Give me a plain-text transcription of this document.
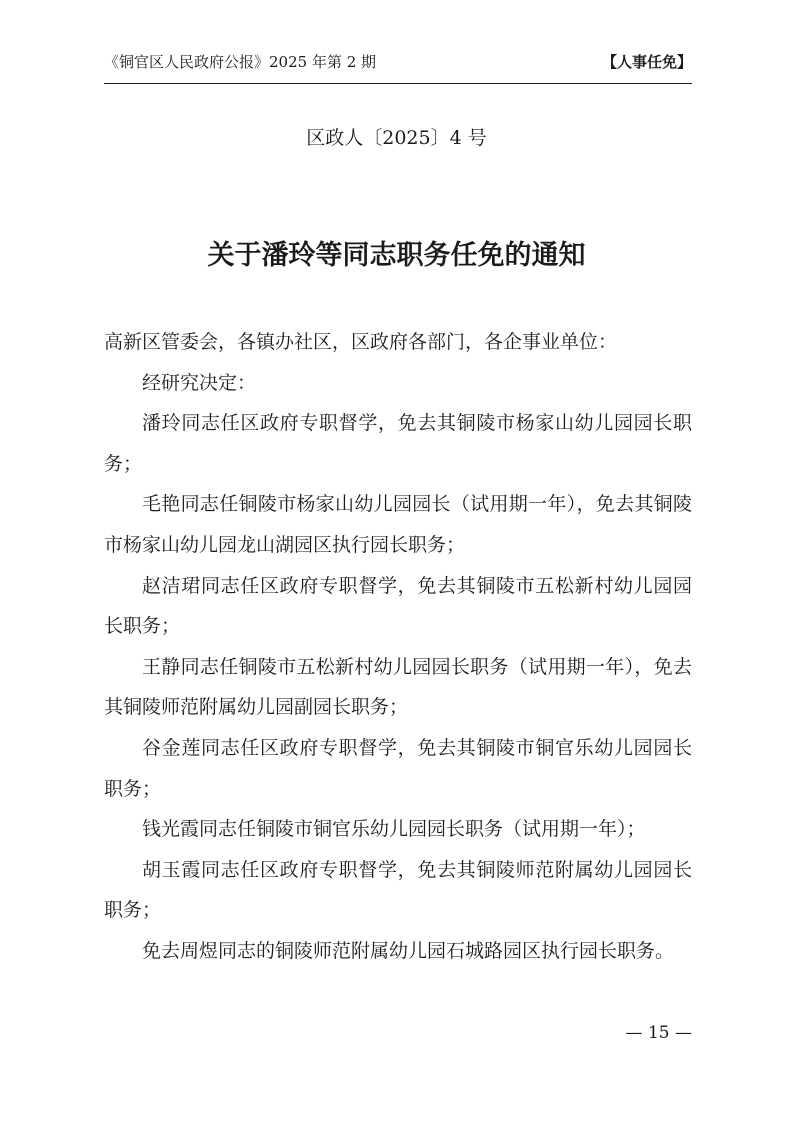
《铜官区人民政府公报》2025 年第 2 期	【人事任免】
区政人〔2025〕4 号
关于潘玲等同志职务任免的通知

高新区管委会，各镇办社区，区政府各部门，各企事业单位：

经研究决定：

潘玲同志任区政府专职督学，免去其铜陵市杨家山幼儿园园长职务；

毛艳同志任铜陵市杨家山幼儿园园长（试用期一年），免去其铜陵市杨家山幼儿园龙山湖园区执行园长职务；

赵洁珺同志任区政府专职督学，免去其铜陵市五松新村幼儿园园长职务；

王静同志任铜陵市五松新村幼儿园园长职务（试用期一年），免去其铜陵师范附属幼儿园副园长职务；

谷金莲同志任区政府专职督学，免去其铜陵市铜官乐幼儿园园长职务；

钱光霞同志任铜陵市铜官乐幼儿园园长职务（试用期一年）；

胡玉霞同志任区政府专职督学，免去其铜陵师范附属幼儿园园长职务；

免去周煜同志的铜陵师范附属幼儿园石城路园区执行园长职务。

— 15 —
